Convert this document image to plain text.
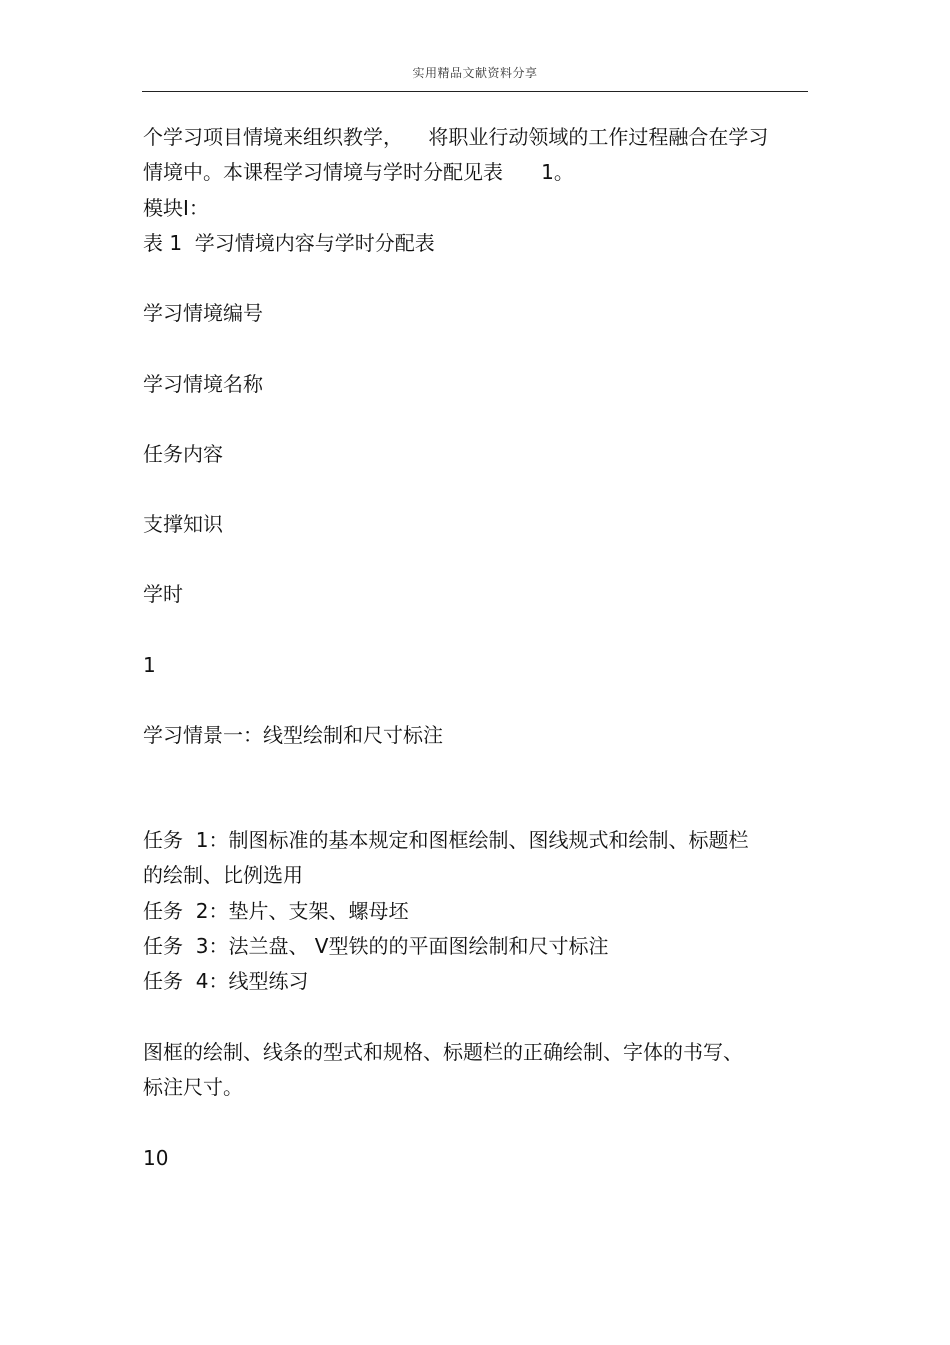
实用精品文献资料分享
个学习项目情境来组织教学，    将职业行动领域的工作过程融合在学习
情境中。本课程学习情境与学时分配见表      1。
模块Ⅰ：
表 1  学习情境内容与学时分配表
学习情境编号
学习情境名称
任务内容
支撑知识
学时
1
学习情景一：线型绘制和尺寸标注
任务  1：制图标准的基本规定和图框绘制、图线规式和绘制、标题栏
的绘制、比例选用
任务  2：垫片、支架、螺母坯
任务  3：法兰盘、 V型铁的的平面图绘制和尺寸标注
任务  4：线型练习
图框的绘制、线条的型式和规格、标题栏的正确绘制、字体的书写、
标注尺寸。
10
